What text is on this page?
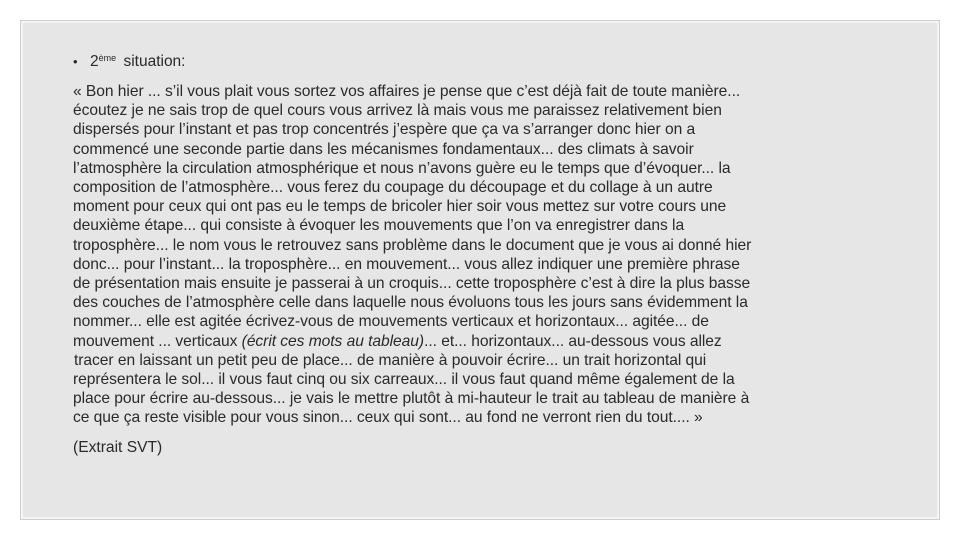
• 2ème situation:
« Bon hier ... s’il vous plait vous sortez vos affaires je pense que c’est déjà fait de toute manière...
écoutez je ne sais trop de quel cours vous arrivez là mais vous me paraissez relativement bien
dispersés pour l’instant et pas trop concentrés j’espère que ça va s’arranger donc hier on a
commencé une seconde partie dans les mécanismes fondamentaux... des climats à savoir
l’atmosphère la circulation atmosphérique et nous n’avons guère eu le temps que d’évoquer... la
composition de l’atmosphère... vous ferez du coupage du découpage et du collage à un autre
moment pour ceux qui ont pas eu le temps de bricoler hier soir vous mettez sur votre cours une
deuxième étape... qui consiste à évoquer les mouvements que l’on va enregistrer dans la
troposphère... le nom vous le retrouvez sans problème dans le document que je vous ai donné hier
donc... pour l’instant... la troposphère... en mouvement... vous allez indiquer une première phrase
de présentation mais ensuite je passerai à un croquis... cette troposphère c’est à dire la plus basse
des couches de l’atmosphère celle dans laquelle nous évoluons tous les jours sans évidemment la
nommer... elle est agitée écrivez-vous de mouvements verticaux et horizontaux... agitée... de
mouvement ... verticaux (écrit ces mots au tableau)... et... horizontaux... au-dessous vous allez
tracer en laissant un petit peu de place... de manière à pouvoir écrire... un trait horizontal qui
représentera le sol... il vous faut cinq ou six carreaux... il vous faut quand même également de la
place pour écrire au-dessous... je vais le mettre plutôt à mi-hauteur le trait au tableau de manière à
ce que ça reste visible pour vous sinon... ceux qui sont... au fond ne verront rien du tout.... »
(Extrait SVT)
